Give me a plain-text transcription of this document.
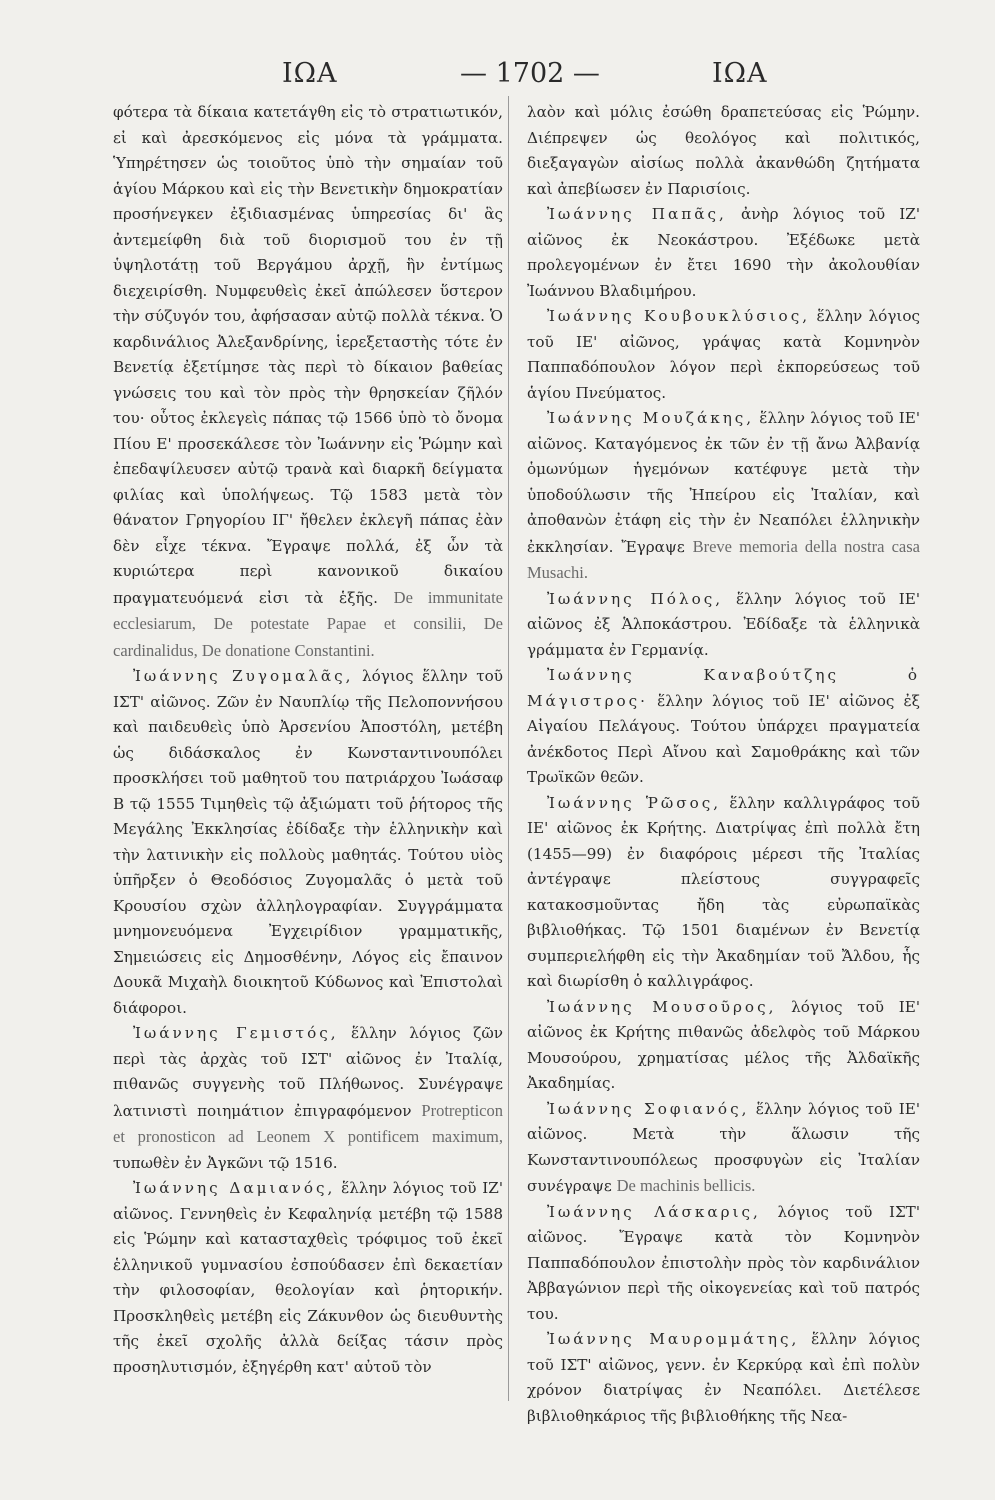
ΙΩΑ	— 1702 —	ΙΩΑ

φότερα τὰ δίκαια κατετάγθη εἰς τὸ στρατιωτικόν, εἰ καὶ ἀρεσκόμενος εἰς μόνα τὰ γράμματα. Ὑπηρέτησεν ὡς τοιοῦτος ὑπὸ τὴν σημαίαν τοῦ ἁγίου Μάρκου καὶ εἰς τὴν Βενετικὴν δημοκρατίαν προσήνεγκεν ἐξιδιασμένας ὑπηρεσίας δι' ἃς ἀντεμείφθη διὰ τοῦ διορισμοῦ του ἐν τῇ ὑψηλοτάτῃ τοῦ Βεργάμου ἀρχῇ, ἣν ἐντίμως διεχειρίσθη. Νυμφευθεὶς ἐκεῖ ἀπώλεσεν ὕστερον τὴν σύζυγόν του, ἀφήσασαν αὐτῷ πολλὰ τέκνα. Ὁ καρδινάλιος Ἀλεξανδρίνης, ἱερεξεταστὴς τότε ἐν Βενετίᾳ ἐξετίμησε τὰς περὶ τὸ δίκαιον βαθείας γνώσεις του καὶ τὸν πρὸς τὴν θρησκείαν ζῆλόν του· οὗτος ἐκλεγεὶς πάπας τῷ 1566 ὑπὸ τὸ ὄνομα Πίου Ε' προσεκάλεσε τὸν Ἰωάννην εἰς Ῥώμην καὶ ἐπεδαψίλευσεν αὐτῷ τρανὰ καὶ διαρκῆ δείγματα φιλίας καὶ ὑπολήψεως. Τῷ 1583 μετὰ τὸν θάνατον Γρηγορίου ΙΓ' ἤθελεν ἐκλεγῆ πάπας ἐὰν δὲν εἶχε τέκνα. Ἔγραψε πολλά, ἐξ ὧν τὰ κυριώτερα περὶ κανονικοῦ δικαίου πραγματευόμενά εἰσι τὰ ἑξῆς. De immunitate ecclesiarum, De potestate Papae et consilii, De cardinalidus, De donatione Constantini.

Ἰωάννης Ζυγομαλᾶς, λόγιος ἕλλην τοῦ ΙΣΤ' αἰῶνος. Ζῶν ἐν Ναυπλίῳ τῆς Πελοποννήσου καὶ παιδευθεὶς ὑπὸ Ἀρσενίου Ἀποστόλη, μετέβη ὡς διδάσκαλος ἐν Κωνσταντινουπόλει προσκλήσει τοῦ μαθητοῦ του πατριάρχου Ἰωάσαφ Β τῷ 1555 Τιμηθεὶς τῷ ἀξιώματι τοῦ ῥήτορος τῆς Μεγάλης Ἐκκλησίας ἐδίδαξε τὴν ἑλληνικὴν καὶ τὴν λατινικὴν εἰς πολλοὺς μαθητάς. Τούτου υἱὸς ὑπῆρξεν ὁ Θεοδόσιος Ζυγομαλᾶς ὁ μετὰ τοῦ Κρουσίου σχὼν ἀλληλογραφίαν. Συγγράμματα μνημονευόμενα Ἐγχειρίδιον γραμματικῆς, Σημειώσεις εἰς Δημοσθένην, Λόγος εἰς ἔπαινον Δουκᾶ Μιχαὴλ διοικητοῦ Κύδωνος καὶ Ἐπιστολαὶ διάφοροι.

Ἰωάννης Γεμιστός, ἕλλην λόγιος ζῶν περὶ τὰς ἀρχὰς τοῦ ΙΣΤ' αἰῶνος ἐν Ἰταλίᾳ, πιθανῶς συγγενὴς τοῦ Πλήθωνος. Συνέγραψε λατινιστὶ ποιημάτιον ἐπιγραφόμενον Protrepticon et pronosticon ad Leonem X pontificem maximum, τυπωθὲν ἐν Ἀγκῶνι τῷ 1516.

Ἰωάννης Δαμιανός, ἕλλην λόγιος τοῦ ΙΖ' αἰῶνος. Γεννηθεὶς ἐν Κεφαληνίᾳ μετέβη τῷ 1588 εἰς Ῥώμην καὶ κατασταχθεὶς τρόφιμος τοῦ ἐκεῖ ἑλληνικοῦ γυμνασίου ἐσπούδασεν ἐπὶ δεκαετίαν τὴν φιλοσοφίαν, θεολογίαν καὶ ῥητορικήν. Προσκληθεὶς μετέβη εἰς Ζάκυνθον ὡς διευθυντὴς τῆς ἐκεῖ σχολῆς ἀλλὰ δείξας τάσιν πρὸς προσηλυτισμόν, ἐξηγέρθη κατ' αὐτοῦ τὸν

λαὸν καὶ μόλις ἐσώθη δραπετεύσας εἰς Ῥώμην. Διέπρεψεν ὡς θεολόγος καὶ πολιτικός, διεξαγαγὼν αἰσίως πολλὰ ἀκανθώδη ζητήματα καὶ ἀπεβίωσεν ἐν Παρισίοις.

Ἰωάννης Παπᾶς, ἀνὴρ λόγιος τοῦ ΙΖ' αἰῶνος ἐκ Νεοκάστρου. Ἐξέδωκε μετὰ προλεγομένων ἐν ἔτει 1690 τὴν ἀκολουθίαν Ἰωάννου Βλαδιμήρου.

Ἰωάννης Κουβουκλύσιος, ἕλλην λόγιος τοῦ ΙΕ' αἰῶνος, γράψας κατὰ Κομνηνὸν Παππαδόπουλον λόγον περὶ ἐκπορεύσεως τοῦ ἁγίου Πνεύματος.

Ἰωάννης Μουζάκης, ἕλλην λόγιος τοῦ ΙΕ' αἰῶνος. Καταγόμενος ἐκ τῶν ἐν τῇ ἄνω Ἀλβανίᾳ ὁμωνύμων ἡγεμόνων κατέφυγε μετὰ τὴν ὑποδούλωσιν τῆς Ἠπείρου εἰς Ἰταλίαν, καὶ ἀποθανὼν ἐτάφη εἰς τὴν ἐν Νεαπόλει ἑλληνικὴν ἐκκλησίαν. Ἔγραψε Breve memoria della nostra casa Musachi.

Ἰωάννης Πόλος, ἕλλην λόγιος τοῦ ΙΕ' αἰῶνος ἐξ Ἁλποκάστρου. Ἐδίδαξε τὰ ἑλληνικὰ γράμματα ἐν Γερμανίᾳ.

Ἰωάννης Καναβούτζης ὁ Μάγιστρος· ἕλλην λόγιος τοῦ ΙΕ' αἰῶνος ἐξ Αἰγαίου Πελάγους. Τούτου ὑπάρχει πραγματεία ἀνέκδοτος Περὶ Αἴνου καὶ Σαμοθράκης καὶ τῶν Τρωϊκῶν θεῶν.

Ἰωάννης Ῥῶσος, ἕλλην καλλιγράφος τοῦ ΙΕ' αἰῶνος ἐκ Κρήτης. Διατρίψας ἐπὶ πολλὰ ἔτη (1455—99) ἐν διαφόροις μέρεσι τῆς Ἰταλίας ἀντέγραψε πλείστους συγγραφεῖς κατακοσμοῦντας ἤδη τὰς εὐρωπαϊκὰς βιβλιοθήκας. Τῷ 1501 διαμένων ἐν Βενετίᾳ συμπεριελήφθη εἰς τὴν Ἀκαδημίαν τοῦ Ἄλδου, ἧς καὶ διωρίσθη ὁ καλλιγράφος.

Ἰωάννης Μουσοῦρος, λόγιος τοῦ ΙΕ' αἰῶνος ἐκ Κρήτης πιθανῶς ἀδελφὸς τοῦ Μάρκου Μουσούρου, χρηματίσας μέλος τῆς Ἀλδαϊκῆς Ἀκαδημίας.

Ἰωάννης Σοφιανός, ἕλλην λόγιος τοῦ ΙΕ' αἰῶνος. Μετὰ τὴν ἅλωσιν τῆς Κωνσταντινουπόλεως προσφυγὼν εἰς Ἰταλίαν συνέγραψε De machinis bellicis.

Ἰωάννης Λάσκαρις, λόγιος τοῦ ΙΣΤ' αἰῶνος. Ἔγραψε κατὰ τὸν Κομνηνὸν Παππαδόπουλον ἐπιστολὴν πρὸς τὸν καρδινάλιον Ἀββαγώνιον περὶ τῆς οἰκογενείας καὶ τοῦ πατρός του.

Ἰωάννης Μαυρομμάτης, ἕλλην λόγιος τοῦ ΙΣΤ' αἰῶνος, γενν. ἐν Κερκύρᾳ καὶ ἐπὶ πολὺν χρόνον διατρίψας ἐν Νεαπόλει. Διετέλεσε βιβλιοθηκάριος τῆς βιβλιοθήκης τῆς Νεα-
